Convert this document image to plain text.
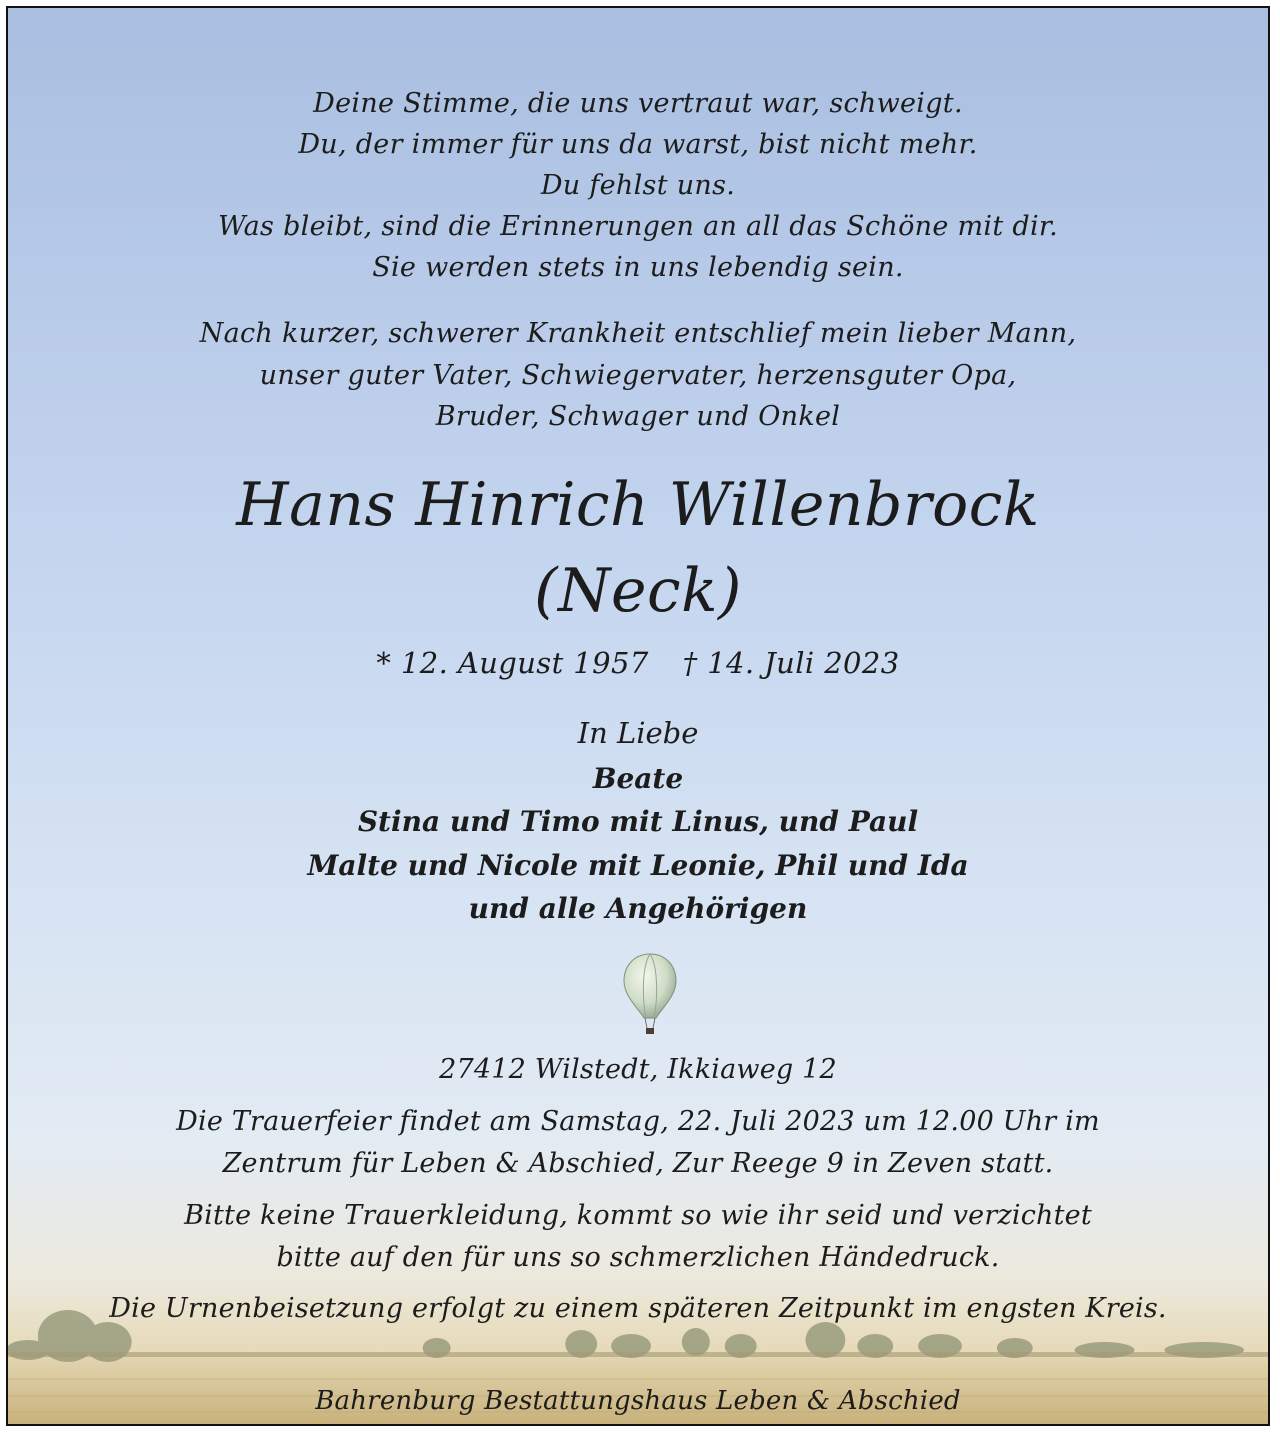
Deine Stimme, die uns vertraut war, schweigt.
Du, der immer für uns da warst, bist nicht mehr.
Du fehlst uns.
Was bleibt, sind die Erinnerungen an all das Schöne mit dir.
Sie werden stets in uns lebendig sein.
Nach kurzer, schwerer Krankheit entschlief mein lieber Mann,
unser guter Vater, Schwiegervater, herzensguter Opa,
Bruder, Schwager und Onkel
Hans Hinrich Willenbrock
(Neck)
* 12. August 1957 † 14. Juli 2023
In Liebe
Beate
Stina und Timo mit Linus, und Paul
Malte und Nicole mit Leonie, Phil und Ida
und alle Angehörigen
27412 Wilstedt, Ikkiaweg 12
Die Trauerfeier findet am Samstag, 22. Juli 2023 um 12.00 Uhr im
Zentrum für Leben & Abschied, Zur Reege 9 in Zeven statt.
Bitte keine Trauerkleidung, kommt so wie ihr seid und verzichtet
bitte auf den für uns so schmerzlichen Händedruck.
Die Urnenbeisetzung erfolgt zu einem späteren Zeitpunkt im engsten Kreis.
Bahrenburg Bestattungshaus Leben & Abschied
